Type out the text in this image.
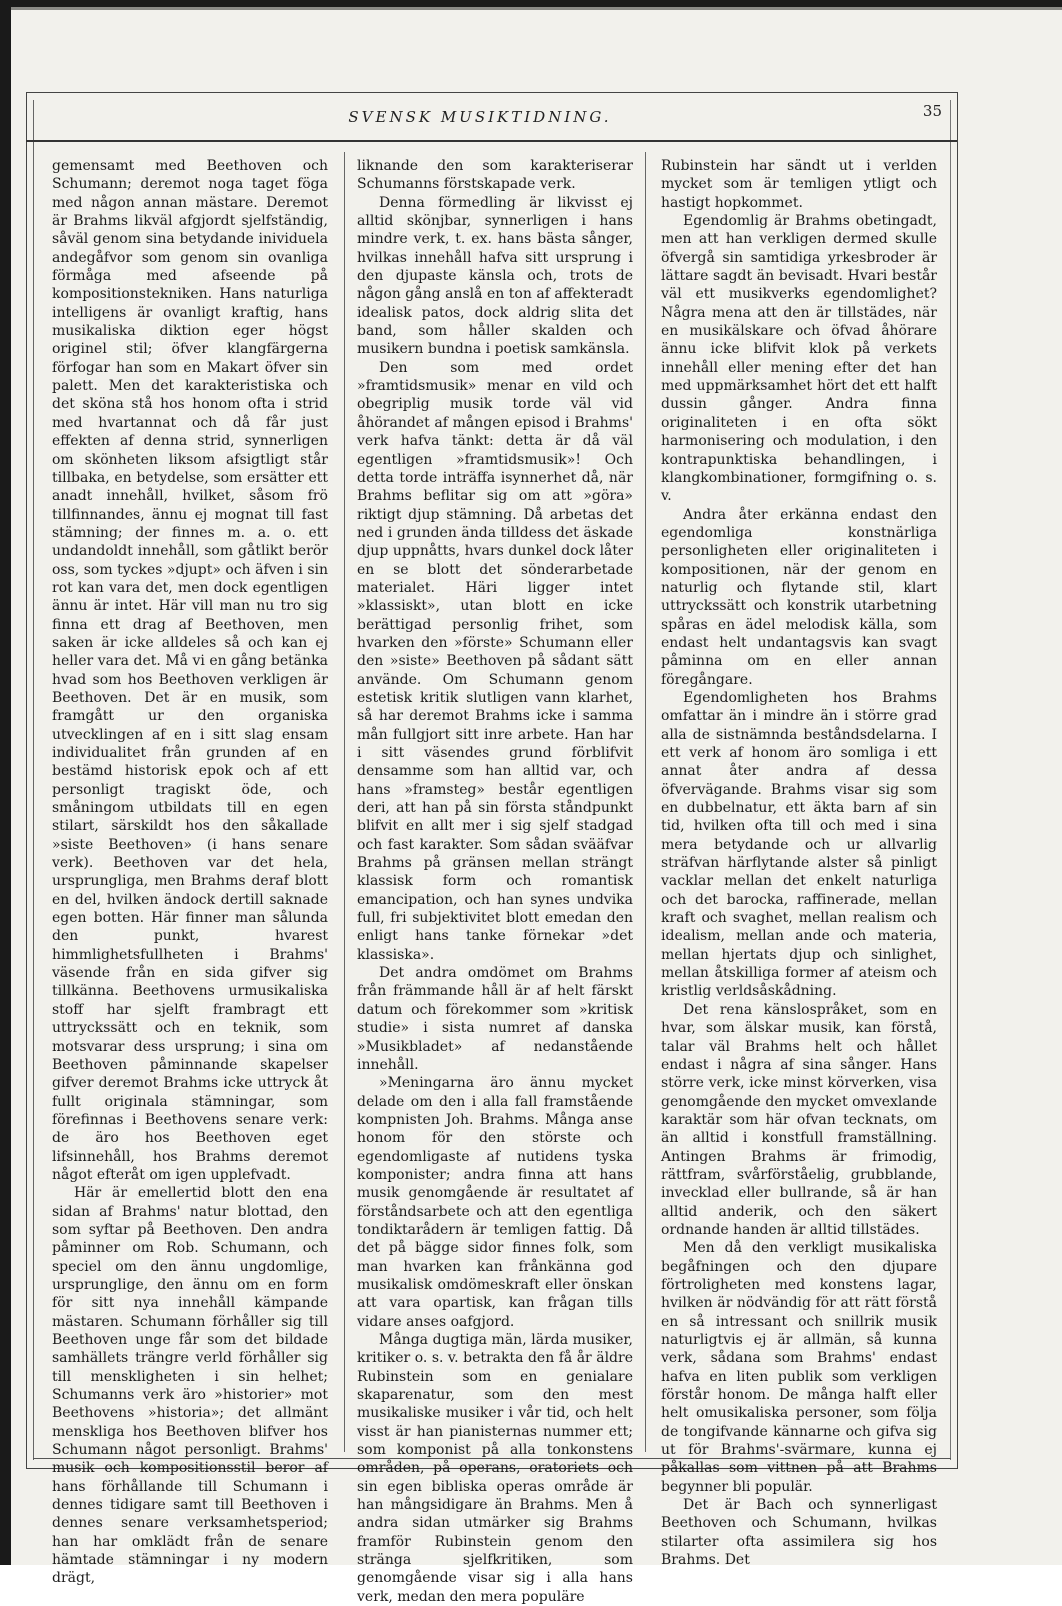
SVENSK MUSIKTIDNING.	35

gemensamt med Beethoven och Schumann; deremot noga taget föga med någon annan mästare. Deremot är Brahms likväl afgjordt sjelfständig, såväl genom sina betydande inividuela andegåfvor som genom sin ovanliga förmåga med afseende på kompositionstekniken. Hans naturliga intelligens är ovanligt kraftig, hans musikaliska diktion eger högst originel stil; öfver klangfärgerna förfogar han som en Makart öfver sin palett. Men det karakteristiska och det sköna stå hos honom ofta i strid med hvartannat och då får just effekten af denna strid, synnerligen om skönheten liksom afsigtligt står tillbaka, en betydelse, som ersätter ett anadt innehåll, hvilket, såsom frö tillfinnandes, ännu ej mognat till fast stämning; der finnes m. a. o. ett undandoldt innehåll, som gåtlikt berör oss, som tyckes »djupt» och äfven i sin rot kan vara det, men dock egentligen ännu är intet. Här vill man nu tro sig finna ett drag af Beethoven, men saken är icke alldeles så och kan ej heller vara det. Må vi en gång betänka hvad som hos Beethoven verkligen är Beethoven. Det är en musik, som framgått ur den organiska utvecklingen af en i sitt slag ensam individualitet från grunden af en bestämd historisk epok och af ett personligt tragiskt öde, och småningom utbildats till en egen stilart, särskildt hos den såkallade »siste Beethoven» (i hans senare verk). Beethoven var det hela, ursprungliga, men Brahms deraf blott en del, hvilken ändock dertill saknade egen botten. Här finner man sålunda den punkt, hvarest himmlighetsfullheten i Brahms' väsende från en sida gifver sig tillkänna. Beethovens urmusikaliska stoff har sjelft frambragt ett uttryckssätt och en teknik, som motsvarar dess ursprung; i sina om Beethoven påminnande skapelser gifver deremot Brahms icke uttryck åt fullt originala stämningar, som förefinnas i Beethovens senare verk: de äro hos Beethoven eget lifsinnehåll, hos Brahms deremot något efteråt om igen upplefvadt.

Här är emellertid blott den ena sidan af Brahms' natur blottad, den som syftar på Beethoven. Den andra påminner om Rob. Schumann, och speciel om den ännu ungdomlige, ursprunglige, den ännu om en form för sitt nya innehåll kämpande mästaren. Schumann förhåller sig till Beethoven unge får som det bildade samhällets trängre verld förhåller sig till menskligheten i sin helhet; Schumanns verk äro »historier» mot Beethovens »historia»; det allmänt menskliga hos Beethoven blifver hos Schumann något personligt. Brahms' musik och kompositionsstil beror af hans förhållande till Schumann i dennes tidigare samt till Beethoven i dennes senare verksamhetsperiod; han har omklädt från de senare hämtade stämningar i ny modern drägt,

liknande den som karakteriserar Schumanns förstskapade verk.

Denna förmedling är likvisst ej alltid skönjbar, synnerligen i hans mindre verk, t. ex. hans bästa sånger, hvilkas innehåll hafva sitt ursprung i den djupaste känsla och, trots de någon gång anslå en ton af affekteradt idealisk patos, dock aldrig slita det band, som håller skalden och musikern bundna i poetisk samkänsla.

Den som med ordet »framtidsmusik» menar en vild och obegriplig musik torde väl vid åhörandet af mången episod i Brahms' verk hafva tänkt: detta är då väl egentligen »framtidsmusik»! Och detta torde inträffa isynnerhet då, när Brahms beflitar sig om att »göra» riktigt djup stämning. Då arbetas det ned i grunden ända tilldess det äskade djup uppnåtts, hvars dunkel dock låter en se blott det sönderarbetade materialet. Häri ligger intet »klassiskt», utan blott en icke berättigad personlig frihet, som hvarken den »förste» Schumann eller den »siste» Beethoven på sådant sätt använde. Om Schumann genom estetisk kritik slutligen vann klarhet, så har deremot Brahms icke i samma mån fullgjort sitt inre arbete. Han har i sitt väsendes grund förblifvit densamme som han alltid var, och hans »framsteg» består egentligen deri, att han på sin första ståndpunkt blifvit en allt mer i sig sjelf stadgad och fast karakter. Som sådan svääfvar Brahms på gränsen mellan strängt klassisk form och romantisk emancipation, och han synes undvika full, fri subjektivitet blott emedan den enligt hans tanke förnekar »det klassiska».

Det andra omdömet om Brahms från främmande håll är af helt färskt datum och förekommer som »kritisk studie» i sista numret af danska »Musikbladet» af nedanstående innehåll.

»Meningarna äro ännu mycket delade om den i alla fall framstående kompnisten Joh. Brahms. Många anse honom för den störste och egendomligaste af nutidens tyska komponister; andra finna att hans musik genomgående är resultatet af förståndsarbete och att den egentliga tondiktarådern är temligen fattig. Då det på bägge sidor finnes folk, som man hvarken kan frånkänna god musikalisk omdömeskraft eller önskan att vara opartisk, kan frågan tills vidare anses oafgjord.

Många dugtiga män, lärda musiker, kritiker o. s. v. betrakta den få år äldre Rubinstein som en genialare skaparenatur, som den mest musikaliske musiker i vår tid, och helt visst är han pianisternas nummer ett; som komponist på alla tonkonstens områden, på operans, oratoriets och sin egen bibliska operas område är han mångsidigare än Brahms. Men å andra sidan utmärker sig Brahms framför Rubinstein genom den stränga sjelfkritiken, som genomgående visar sig i alla hans verk, medan den mera populäre

Rubinstein har sändt ut i verlden mycket som är temligen ytligt och hastigt hopkommet.

Egendomlig är Brahms obetingadt, men att han verkligen dermed skulle öfvergå sin samtidiga yrkesbroder är lättare sagdt än bevisadt. Hvari består väl ett musikverks egendomlighet? Några mena att den är tillstädes, när en musikälskare och öfvad åhörare ännu icke blifvit klok på verkets innehåll eller mening efter det han med uppmärksamhet hört det ett halft dussin gånger. Andra finna originaliteten i en ofta sökt harmonisering och modulation, i den kontrapunktiska behandlingen, i klangkombinationer, formgifning o. s. v.

Andra åter erkänna endast den egendomliga konstnärliga personligheten eller originaliteten i kompositionen, när der genom en naturlig och flytande stil, klart uttryckssätt och konstrik utarbetning spåras en ädel melodisk källa, som endast helt undantagsvis kan svagt påminna om en eller annan föregångare.

Egendomligheten hos Brahms omfattar än i mindre än i större grad alla de sistnämnda beståndsdelarna. I ett verk af honom äro somliga i ett annat åter andra af dessa öfvervägande. Brahms visar sig som en dubbelnatur, ett äkta barn af sin tid, hvilken ofta till och med i sina mera betydande och ur allvarlig sträfvan härflytande alster så pinligt vacklar mellan det enkelt naturliga och det barocka, raffinerade, mellan kraft och svaghet, mellan realism och idealism, mellan ande och materia, mellan hjertats djup och sinlighet, mellan åtskilliga former af ateism och kristlig verldsåskådning.

Det rena känslospråket, som en hvar, som älskar musik, kan förstå, talar väl Brahms helt och hållet endast i några af sina sånger. Hans större verk, icke minst körverken, visa genomgående den mycket omvexlande karaktär som här ofvan tecknats, om än alltid i konstfull framställning. Antingen Brahms är frimodig, rättfram, svårförståelig, grubblande, invecklad eller bullrande, så är han alltid anderik, och den säkert ordnande handen är alltid tillstädes.

Men då den verkligt musikaliska begåfningen och den djupare förtroligheten med konstens lagar, hvilken är nödvändig för att rätt förstå en så intressant och snillrik musik naturligtvis ej är allmän, så kunna verk, sådana som Brahms' endast hafva en liten publik som verkligen förstår honom. De många halft eller helt omusikaliska personer, som följa de tongifvande kännarne och gifva sig ut för Brahms'-svärmare, kunna ej påkallas som vittnen på att Brahms begynner bli populär.

Det är Bach och synnerligast Beethoven och Schumann, hvilkas stilarter ofta assimilera sig hos Brahms. Det
